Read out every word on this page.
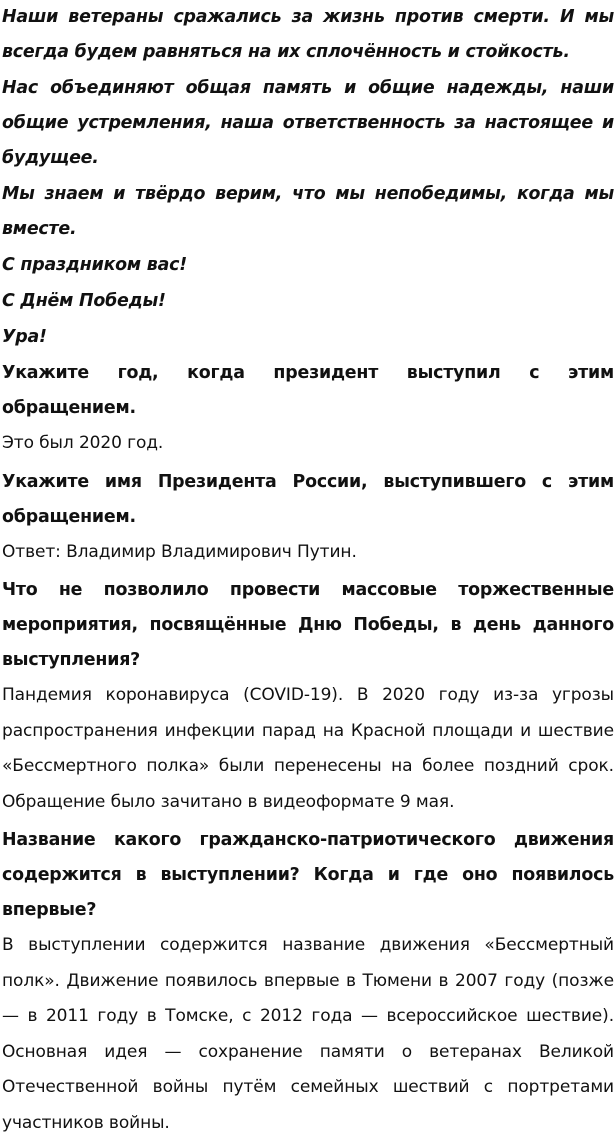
Наши ветераны сражались за жизнь против смерти. И мы всегда будем равняться на их сплочённость и стойкость.

Нас объединяют общая память и общие надежды, наши общие устремления, наша ответственность за настоящее и будущее.

Мы знаем и твёрдо верим, что мы непобедимы, когда мы вместе.

С праздником вас!

С Днём Победы!

Ура!

Укажите год, когда президент выступил с этим обращением.

Это был 2020 год.

Укажите имя Президента России, выступившего с этим обращением.

Ответ: Владимир Владимирович Путин.

Что не позволило провести массовые торжественные мероприятия, посвящённые Дню Победы, в день данного выступления?

Пандемия коронавируса (COVID-19). В 2020 году из-за угрозы распространения инфекции парад на Красной площади и шествие «Бессмертного полка» были перенесены на более поздний срок. Обращение было зачитано в видеоформате 9 мая.

Название какого гражданско-патриотического движения содержится в выступлении? Когда и где оно появилось впервые?

В выступлении содержится название движения «Бессмертный полк». Движение появилось впервые в Тюмени в 2007 году (позже — в 2011 году в Томске, с 2012 года — всероссийское шествие). Основная идея — сохранение памяти о ветеранах Великой Отечественной войны путём семейных шествий с портретами участников войны.
